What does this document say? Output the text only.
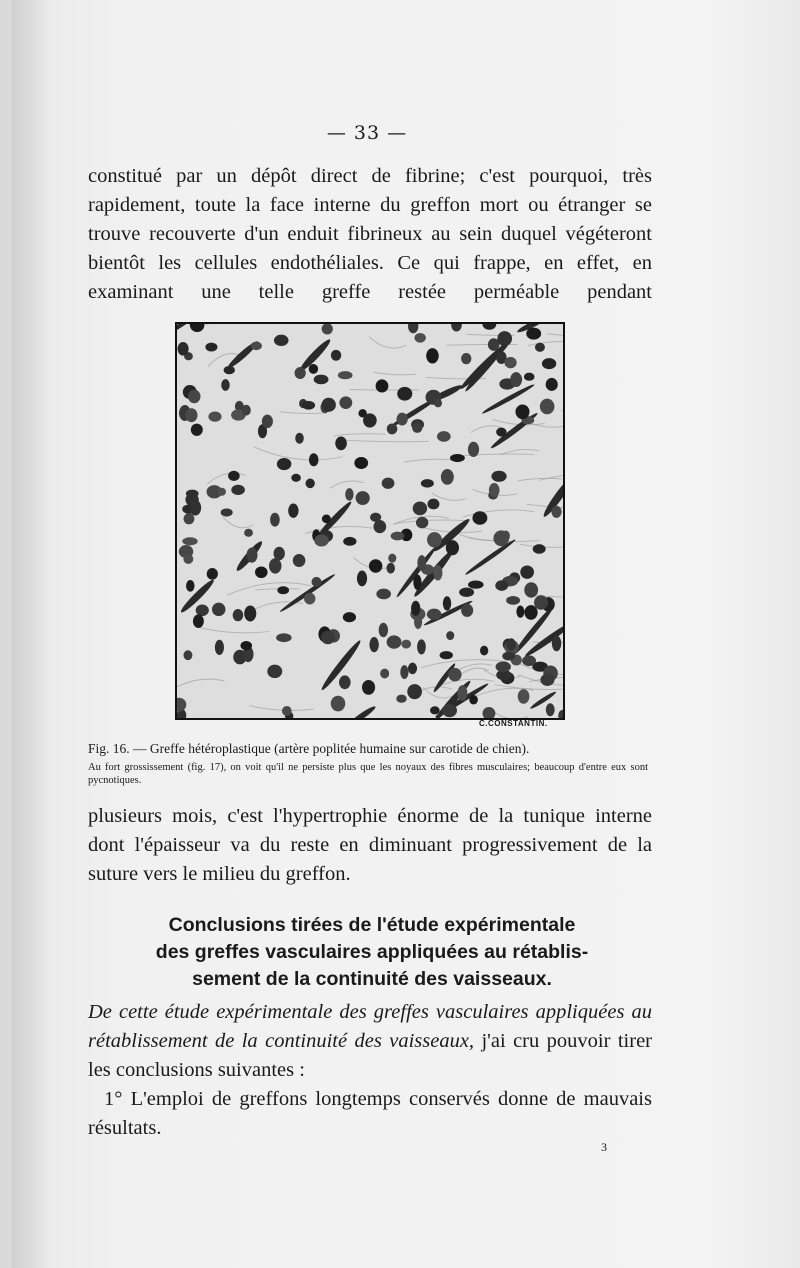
— 33 —

constitué par un dépôt direct de fibrine; c'est pourquoi, très rapidement, toute la face interne du greffon mort ou étranger se trouve recouverte d'un enduit fibrineux au sein duquel végéteront bientôt les cellules endothéliales. Ce qui frappe, en effet, en examinant une telle greffe restée perméable pendant

C.CONSTANTIN.
Fig. 16. — Greffe hétéroplastique (artère poplitée humaine sur carotide de chien).
Au fort grossissement (fig. 17), on voit qu'il ne persiste plus que les noyaux des fibres musculaires; beaucoup d'entre eux sont pycnotiques.

plusieurs mois, c'est l'hypertrophie énorme de la tunique interne dont l'épaisseur va du reste en diminuant progressivement de la suture vers le milieu du greffon.

Conclusions tirées de l'étude expérimentale
des greffes vasculaires appliquées au rétablis-
sement de la continuité des vaisseaux.

De cette étude expérimentale des greffes vasculaires appliquées au rétablissement de la continuité des vaisseaux, j'ai cru pouvoir tirer les conclusions suivantes :

1° L'emploi de greffons longtemps conservés donne de mauvais résultats.

3
